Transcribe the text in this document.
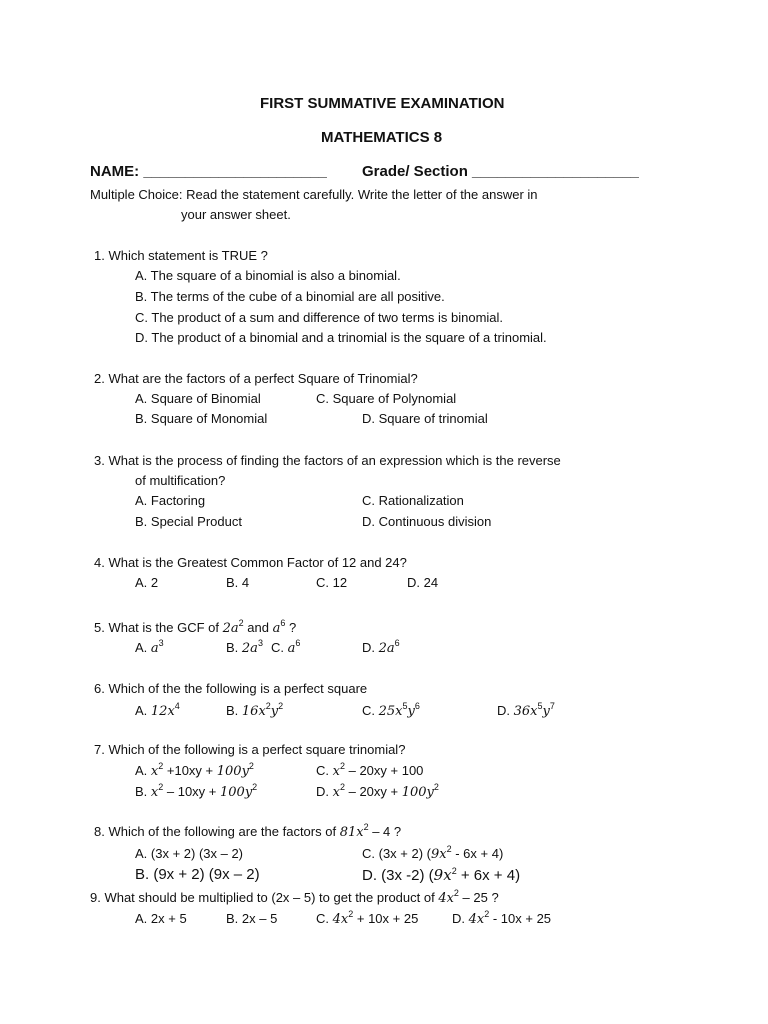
FIRST SUMMATIVE EXAMINATION
MATHEMATICS 8
NAME: ______________________ Grade/ Section ____________________
Multiple Choice: Read the statement carefully. Write the letter of the answer in
your answer sheet.
1. Which statement is TRUE ?
A. The square of a binomial is also a binomial.
B. The terms of the cube of a binomial are all positive.
C. The product of a sum and difference of two terms is binomial.
D. The product of a binomial and a trinomial is the square of a trinomial.
2. What are the factors of a perfect Square of Trinomial?
A. Square of Binomial	C. Square of Polynomial
B. Square of Monomial	D. Square of trinomial
3. What is the process of finding the factors of an expression which is the reverse
of multification?
A. Factoring	C. Rationalization
B. Special Product	D. Continuous division
4. What is the Greatest Common Factor of 12 and 24?
A. 2	B. 4	C. 12	D. 24
5. What is the GCF of $2a^2$ and $a^6$ ?
A. $a^3$	B. $2a^3$ C. $a^6$	D. $2a^6$
6. Which of the the following is a perfect square
A. $12x^4$	B. $16x^2y^2$	C. $25x^5y^6$	D. $36x^5y^7$
7. Which of the following is a perfect square trinomial?
A. $x^2 +10xy + 100y^2$	C. $x^2 - 20xy + 100$
B. $x^2 - 10xy + 100y^2$	D. $x^2 - 20xy + 100y^2$
8. Which of the following are the factors of $81x^2 - 4$ ?
A. (3x + 2) (3x – 2)	C. (3x + 2) $(9x^2 - 6x + 4)$
B. (9x + 2) (9x – 2)	D. (3x -2) $(9x^2 + 6x + 4)$
9. What should be multiplied to (2x – 5) to get the product of $4x^2 - 25$ ?
A. 2x + 5	B. 2x – 5	C. $4x^2 + 10x + 25$	D. $4x^2 - 10x + 25$
